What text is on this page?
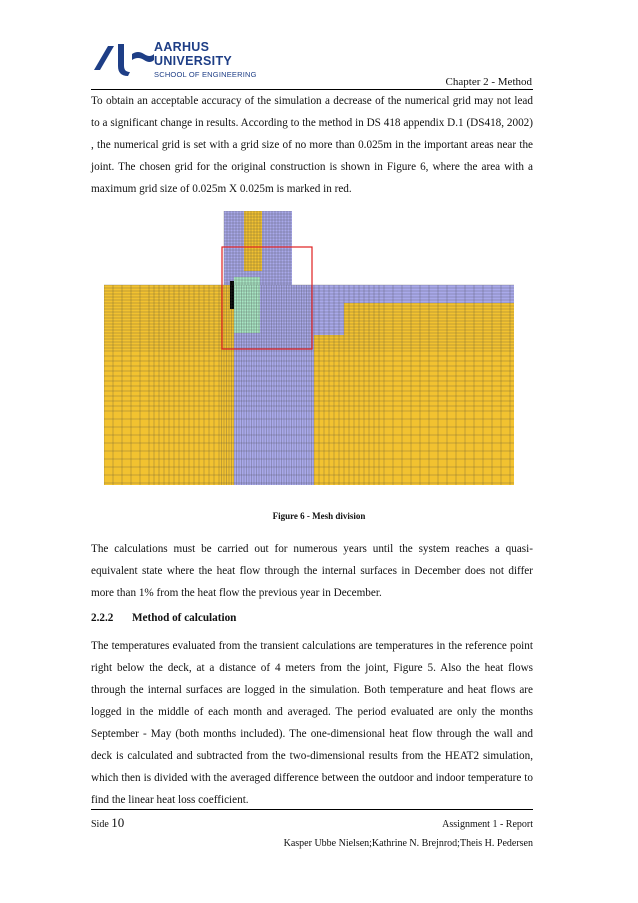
AARHUS
UNIVERSITY
SCHOOL OF ENGINEERING
Chapter 2 - Method

To obtain an acceptable accuracy of the simulation a decrease of the numerical grid may not lead to a significant change in results. According to the method in DS 418 appendix D.1 (DS418, 2002) , the numerical grid is set with a grid size of no more than 0.025m in the important areas near the joint. The chosen grid for the original construction is shown in Figure 6, where the area with a maximum grid size of 0.025m X 0.025m is marked in red.

Figure 6 - Mesh division

The calculations must be carried out for numerous years until the system reaches a quasi-equivalent state where the heat flow through the internal surfaces in December does not differ more than 1% from the heat flow the previous year in December.

2.2.2 Method of calculation

The temperatures evaluated from the transient calculations are temperatures in the reference point right below the deck, at a distance of 4 meters from the joint, Figure 5. Also the heat flows through the internal surfaces are logged in the simulation. Both temperature and heat flows are logged in the middle of each month and averaged. The period evaluated are only the months September - May (both months included). The one-dimensional heat flow through the wall and deck is calculated and subtracted from the two-dimensional results from the HEAT2 simulation, which then is divided with the averaged difference between the outdoor and indoor temperature to find the linear heat loss coefficient.

Side 10	Assignment 1 - Report
Kasper Ubbe Nielsen;Kathrine N. Brejnrod;Theis H. Pedersen
